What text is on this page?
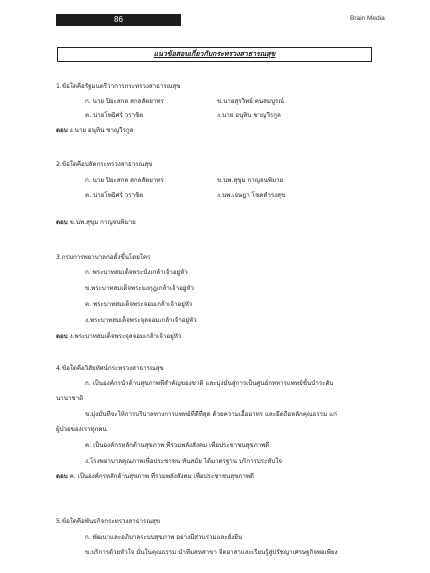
86	Brain Media
แนวข้อสอบเกี่ยวกับกระทรวงสาธารณสุข
1.ข้อใดคือรัฐมนตรีว่าการกระทรวงสาธารณสุข
ก. นาย ปิยะสกล สกลสัตยาทร	ข.นายสุรวิทย์ คนสมบูรณ์
ค. นายโพธิศร์ วราชิต	ง.นาย อนุทิน ชาญวีรกูล
ตอบ ง.นาย อนุทิน ชาญวีรกูล
2.ข้อใดคือปลัดกระทรวงสาธารณสุข
ก. นาย ปิยะสกล สกลสัตยาทร	ข.นพ.สุขุม กาญจนพิมาย
ค. นายโพธิศร์ วราชิต	ง.นพ.เจษฎา โชคดำรงสุข
ตอบ ข.นพ.สุขุม กาญจนพิมาย
3.กรมการพยาบาลก่อตั้งขึ้นโดยใคร
ก. พระบาทสมเด็จพระนั่งเกล้าเจ้าอยู่หัว
ข.พระบาทสมเด็จพระมงกุฎเกล้าเจ้าอยู่หัว
ค. พระบาทสมเด็จพระจอมเกล้าเจ้าอยู่หัว
ง.พระบาทสมเด็จพระจุลจอมเกล้าเจ้าอยู่หัว
ตอบ ง.พระบาทสมเด็จพระจุลจอมเกล้าเจ้าอยู่หัว
4.ข้อใดคือวิสัยทัศน์กระทรวงสาธารณสุข
ก. เป็นองค์กรนำด้านสุขภาพที่สำคัญของชาติ และมุ่งมั่นสู่การเป็นศูนย์กทหารแพทย์ชั้นนำระดับ
นานาชาติ
ข.มุ่งมั่นที่จะให้การบริบาลทางการแพทย์ที่ดีที่สุด ด้วยความเอื้ออาทร และยึดถือหลักคุณธรรม แก่
ผู้ป่วยของเราทุกคน
ค. เป็นองค์กรหลักด้านสุขภาพ ที่รวมพลังสังคม เพื่อประชาชนสุขภาพดี
ง.โรงพยาบาลคุณภาพเพื่อประชาชน ทันสมัย ได้มาตรฐาน บริการประทับใจ
ตอบ ค. เป็นองค์กรหลักด้านสุขภาพ ที่รวมพลังสังคม เพื่อประชาชนสุขภาพดี
5.ข้อใดคือพันธกิจกระทรวงสาธารณสุข
ก. พัฒนาและอภิบาลระบบสุขภาพ อย่างมีส่วนร่วมและยั่งยืน
ข.บริการด้วยหัวใจ มั่นในคุณธรรม นำทีมสหสาขา จิตอาสาและเรียนรู้สู่ปรัชญาเศรษฐกิจพอเพียง
